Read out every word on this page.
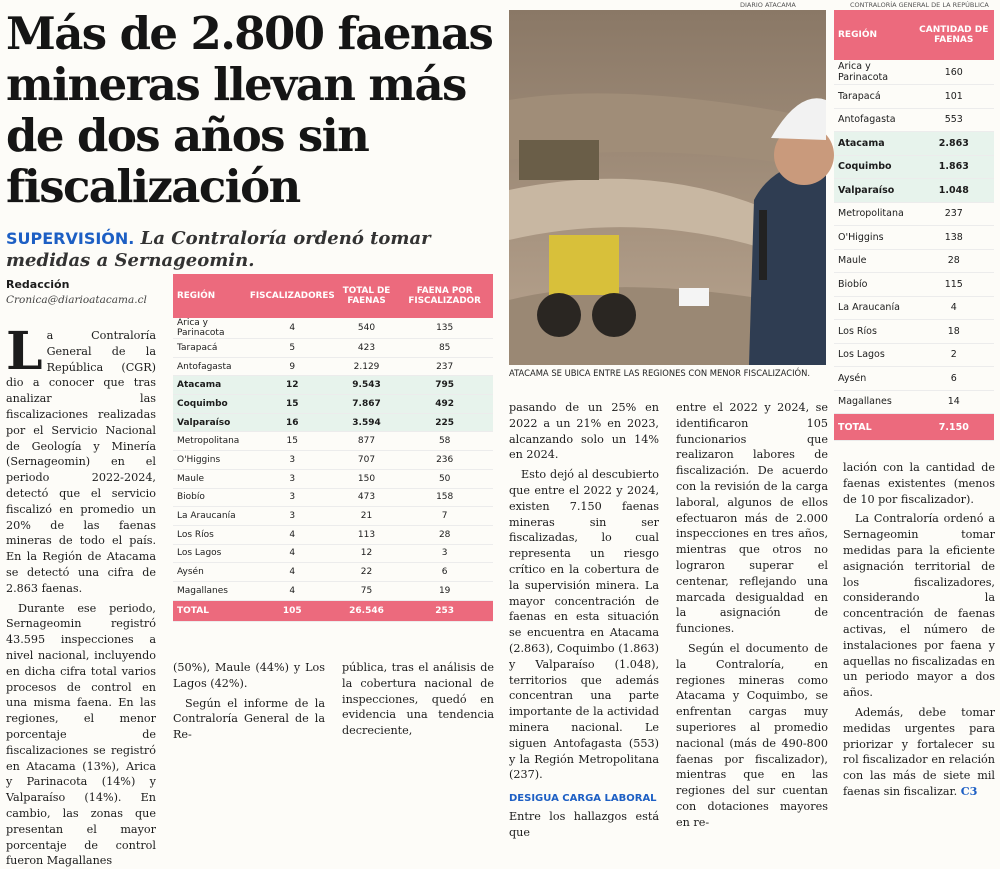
Más de 2.800 faenas mineras llevan más de dos años sin fiscalización
SUPERVISIÓN. La Contraloría ordenó tomar medidas a Sernageomin.
Redacción
Cronica@diarioatacama.cl
L a Contraloría General de la República (CGR) dio a conocer que tras analizar las fiscalizaciones realizadas por el Servicio Nacional de Geología y Minería (Sernageomin) en el periodo 2022-2024, detectó que el servicio fiscalizó en promedio un 20% de las faenas mineras de todo el país. En la Región de Atacama se detectó una cifra de 2.863 faenas.

Durante ese periodo, Sernageomin registró 43.595 inspecciones a nivel nacional, incluyendo en dicha cifra total varios procesos de control en una misma faena. En las regiones, el menor porcentaje de fiscalizaciones se registró en Atacama (13%), Arica y Parinacota (14%) y Valparaíso (14%). En cambio, las zonas que presentan el mayor porcentaje de control fueron Magallanes

REGIÓN	FISCALIZADORES	TOTAL DE FAENAS	FAENA POR FISCALIZADOR
Arica y Parinacota	4	540	135
Tarapacá	5	423	85
Antofagasta	9	2.129	237
Atacama	12	9.543	795
Coquimbo	15	7.867	492
Valparaíso	16	3.594	225
Metropolitana	15	877	58
O'Higgins	3	707	236
Maule	3	150	50
Biobío	3	473	158
La Araucanía	3	21	7
Los Ríos	4	113	28
Los Lagos	4	12	3
Aysén	4	22	6
Magallanes	4	75	19
TOTAL	105	26.546	253

(50%), Maule (44%) y Los Lagos (42%).

Según el informe de la Contraloría General de la Re-

pública, tras el análisis de la cobertura nacional de inspecciones, quedó en evidencia una tendencia decreciente,

DIARIO ATACAMA
ATACAMA SE UBICA ENTRE LAS REGIONES CON MENOR FISCALIZACIÓN.
CONTRALORÍA GENERAL DE LA REPÚBLICA
REGIÓN	CANTIDAD DE FAENAS
Arica y Parinacota	160
Tarapacá	101
Antofagasta	553
Atacama	2.863
Coquimbo	1.863
Valparaíso	1.048
Metropolitana	237
O'Higgins	138
Maule	28
Biobío	115
La Araucanía	4
Los Ríos	18
Los Lagos	2
Aysén	6
Magallanes	14
TOTAL	7.150

pasando de un 25% en 2022 a un 21% en 2023, alcanzando solo un 14% en 2024.

Esto dejó al descubierto que entre el 2022 y 2024, existen 7.150 faenas mineras sin ser fiscalizadas, lo cual representa un riesgo crítico en la cobertura de la supervisión minera. La mayor concentración de faenas en esta situación se encuentra en Atacama (2.863), Coquimbo (1.863) y Valparaíso (1.048), territorios que además concentran una parte importante de la actividad minera nacional. Le siguen Antofagasta (553) y la Región Metropolitana (237).

DESIGUA CARGA LABORAL

Entre los hallazgos está que

entre el 2022 y 2024, se identificaron 105 funcionarios que realizaron labores de fiscalización. De acuerdo con la revisión de la carga laboral, algunos de ellos efectuaron más de 2.000 inspecciones en tres años, mientras que otros no lograron superar el centenar, reflejando una marcada desigualdad en la asignación de funciones.

Según el documento de la Contraloría, en regiones mineras como Atacama y Coquimbo, se enfrentan cargas muy superiores al promedio nacional (más de 490-800 faenas por fiscalizador), mientras que en las regiones del sur cuentan con dotaciones mayores en re-

lación con la cantidad de faenas existentes (menos de 10 por fiscalizador).

La Contraloría ordenó a Sernageomin tomar medidas para la eficiente asignación territorial de los fiscalizadores, considerando la concentración de faenas activas, el número de instalaciones por faena y aquellas no fiscalizadas en un periodo mayor a dos años.

Además, debe tomar medidas urgentes para priorizar y fortalecer su rol fiscalizador en relación con las más de siete mil faenas sin fiscalizar. C3
